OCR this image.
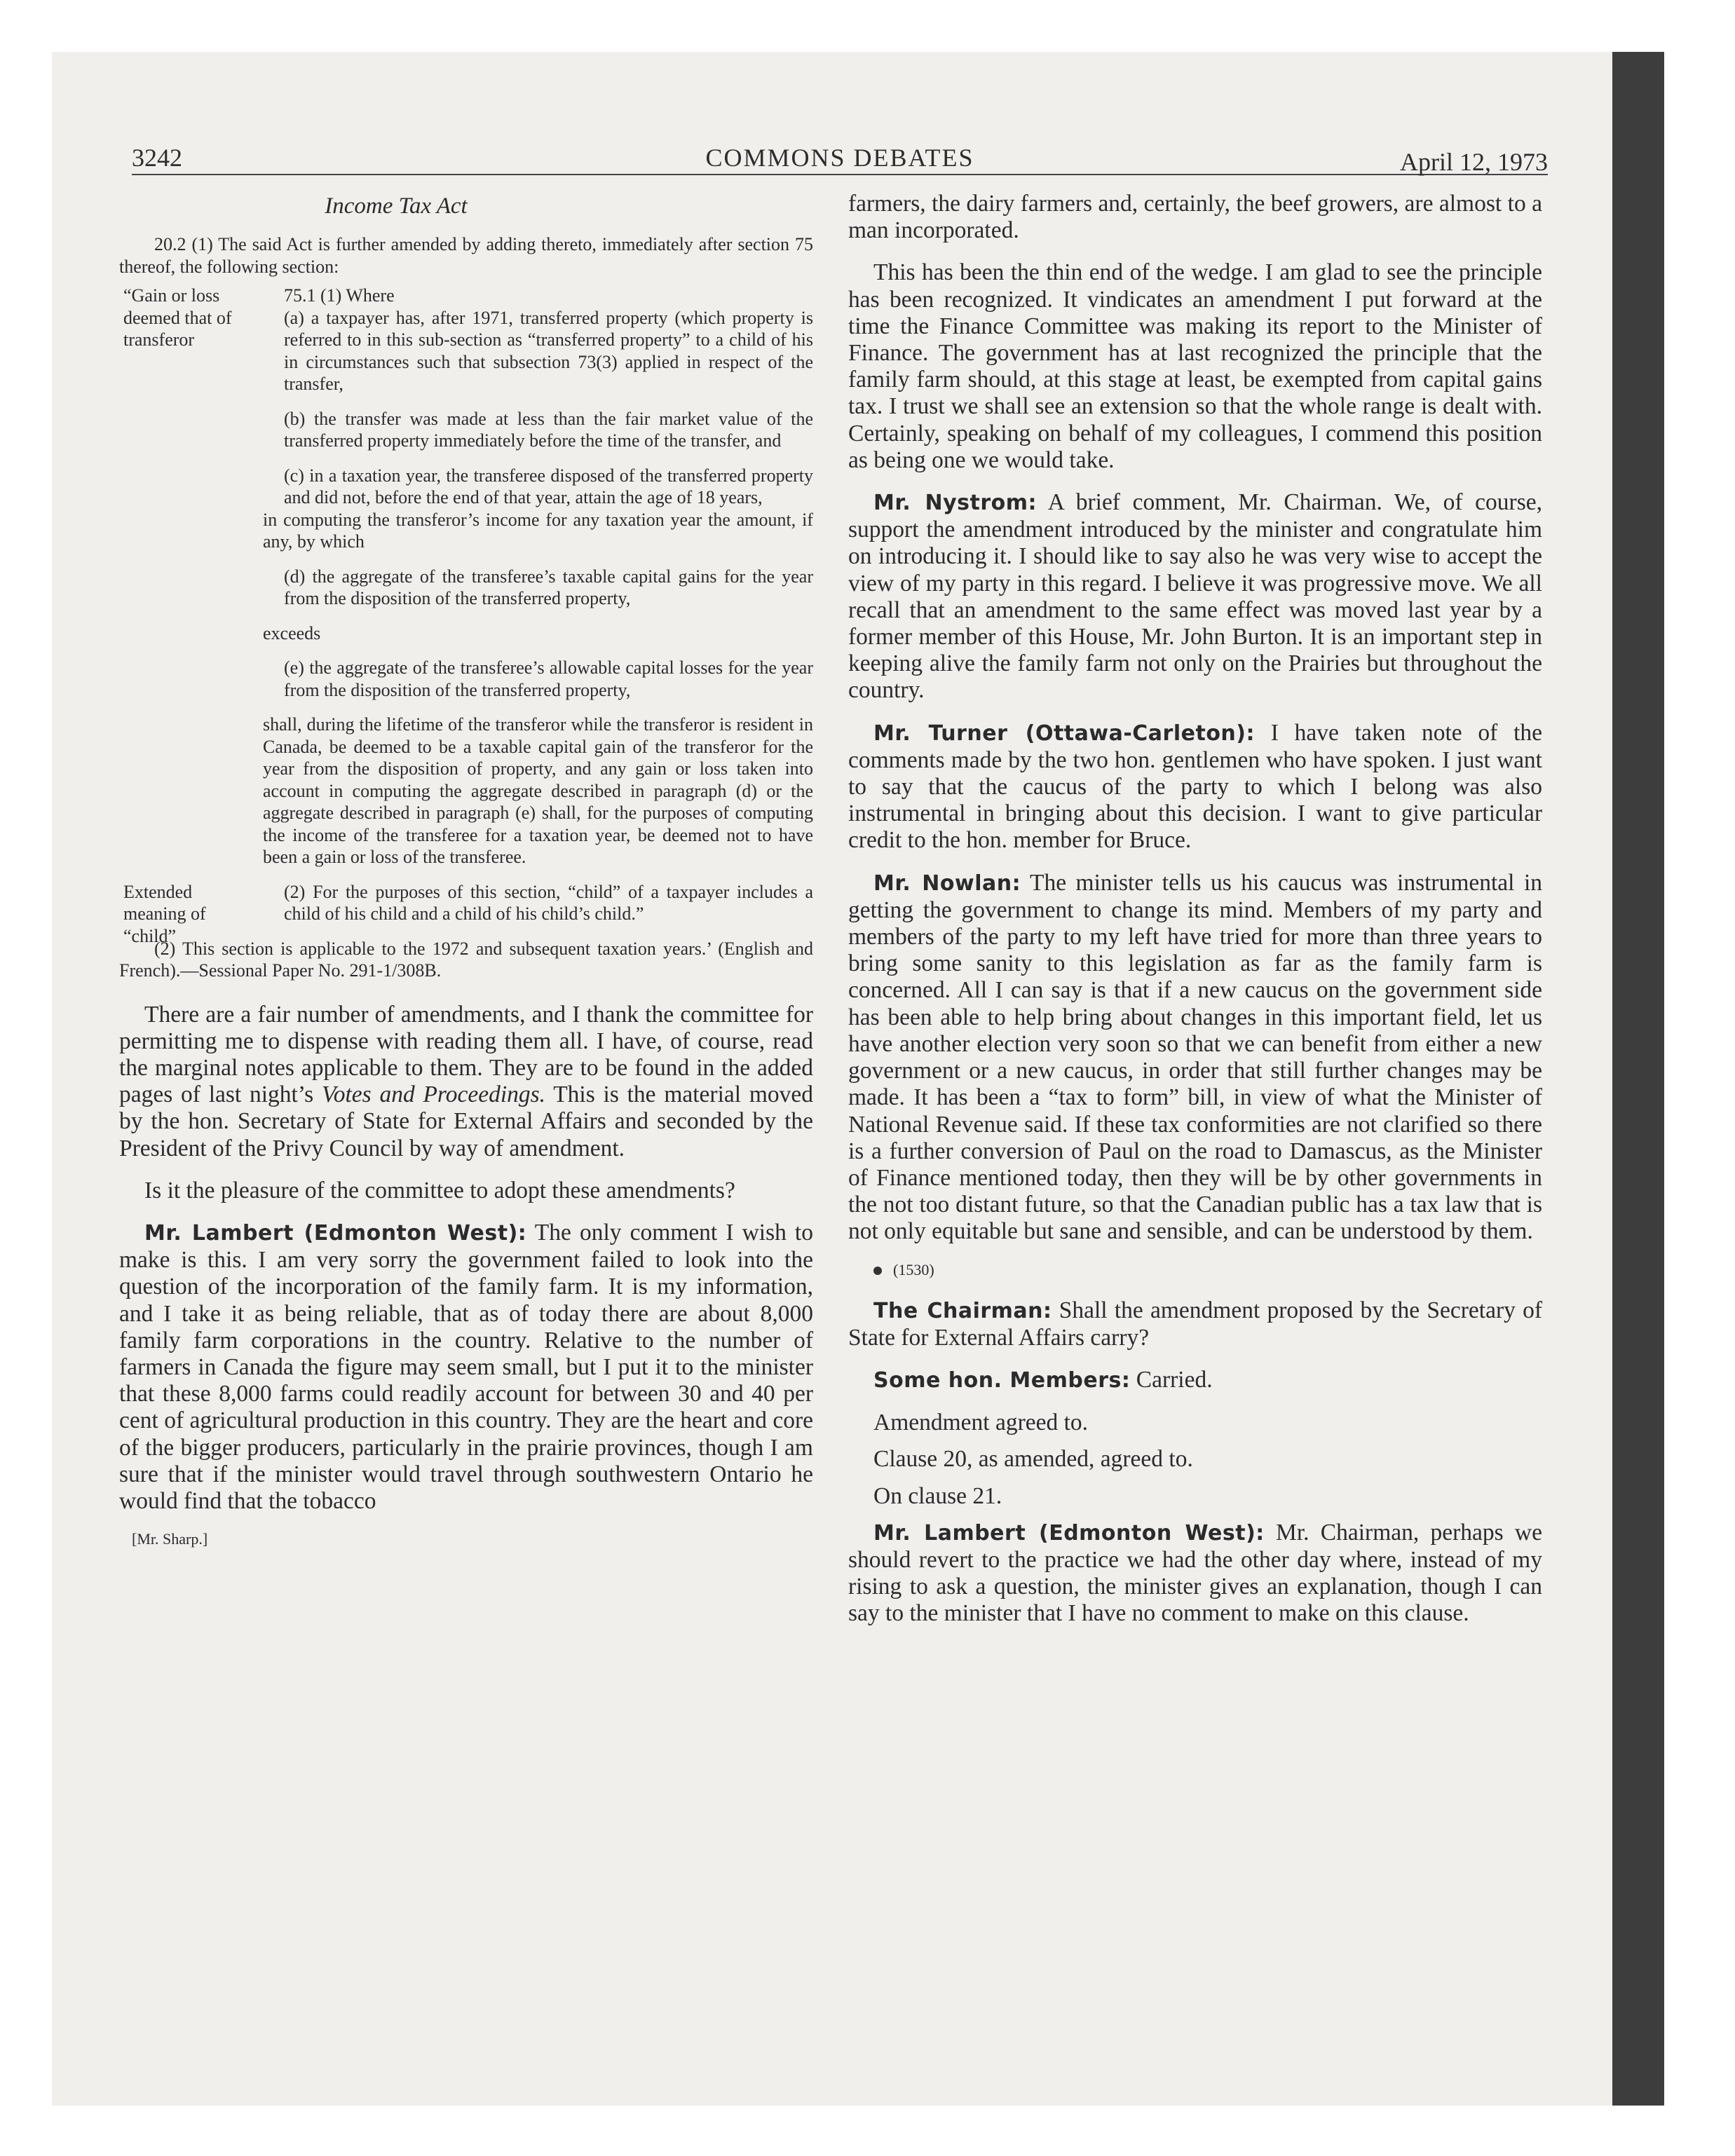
3242	COMMONS DEBATES	April 12, 1973
Income Tax Act

20.2 (1) The said Act is further amended by adding thereto, immediately after section 75 thereof, the following section:

“Gain or loss deemed that of transferor

75.1 (1) Where

(a) a taxpayer has, after 1971, transferred property (which property is referred to in this sub-section as “transferred property” to a child of his in circumstances such that subsection 73(3) applied in respect of the transfer,

(b) the transfer was made at less than the fair market value of the transferred property immediately before the time of the transfer, and

(c) in a taxation year, the transferee disposed of the transferred property and did not, before the end of that year, attain the age of 18 years,

in computing the transferor’s income for any taxation year the amount, if any, by which

(d) the aggregate of the transferee’s taxable capital gains for the year from the disposition of the transferred property,

exceeds

(e) the aggregate of the transferee’s allowable capital losses for the year from the disposition of the transferred property,

shall, during the lifetime of the transferor while the transferor is resident in Canada, be deemed to be a taxable capital gain of the transferor for the year from the disposition of property, and any gain or loss taken into account in computing the aggregate described in paragraph (d) or the aggregate described in paragraph (e) shall, for the purposes of computing the income of the transferee for a taxation year, be deemed not to have been a gain or loss of the transferee.

Extended meaning of “child”

(2) For the purposes of this section, “child” of a taxpayer includes a child of his child and a child of his child’s child.”

(2) This section is applicable to the 1972 and subsequent taxation years.’ (English and French).—Sessional Paper No. 291-1/308B.

There are a fair number of amendments, and I thank the committee for permitting me to dispense with reading them all. I have, of course, read the marginal notes applicable to them. They are to be found in the added pages of last night’s Votes and Proceedings. This is the material moved by the hon. Secretary of State for External Affairs and seconded by the President of the Privy Council by way of amendment.

Is it the pleasure of the committee to adopt these amendments?

Mr. Lambert (Edmonton West): The only comment I wish to make is this. I am very sorry the government failed to look into the question of the incorporation of the family farm. It is my information, and I take it as being reliable, that as of today there are about 8,000 family farm corporations in the country. Relative to the number of farmers in Canada the figure may seem small, but I put it to the minister that these 8,000 farms could readily account for between 30 and 40 per cent of agricultural production in this country. They are the heart and core of the bigger producers, particularly in the prairie provinces, though I am sure that if the minister would travel through southwestern Ontario he would find that the tobacco

[Mr. Sharp.]

farmers, the dairy farmers and, certainly, the beef growers, are almost to a man incorporated.

This has been the thin end of the wedge. I am glad to see the principle has been recognized. It vindicates an amendment I put forward at the time the Finance Committee was making its report to the Minister of Finance. The government has at last recognized the principle that the family farm should, at this stage at least, be exempted from capital gains tax. I trust we shall see an extension so that the whole range is dealt with. Certainly, speaking on behalf of my colleagues, I commend this position as being one we would take.

Mr. Nystrom: A brief comment, Mr. Chairman. We, of course, support the amendment introduced by the minister and congratulate him on introducing it. I should like to say also he was very wise to accept the view of my party in this regard. I believe it was progressive move. We all recall that an amendment to the same effect was moved last year by a former member of this House, Mr. John Burton. It is an important step in keeping alive the family farm not only on the Prairies but throughout the country.

Mr. Turner (Ottawa-Carleton): I have taken note of the comments made by the two hon. gentlemen who have spoken. I just want to say that the caucus of the party to which I belong was also instrumental in bringing about this decision. I want to give particular credit to the hon. member for Bruce.

Mr. Nowlan: The minister tells us his caucus was instrumental in getting the government to change its mind. Members of my party and members of the party to my left have tried for more than three years to bring some sanity to this legislation as far as the family farm is concerned. All I can say is that if a new caucus on the government side has been able to help bring about changes in this important field, let us have another election very soon so that we can benefit from either a new government or a new caucus, in order that still further changes may be made. It has been a “tax to form” bill, in view of what the Minister of National Revenue said. If these tax conformities are not clarified so there is a further conversion of Paul on the road to Damascus, as the Minister of Finance mentioned today, then they will be by other governments in the not too distant future, so that the Canadian public has a tax law that is not only equitable but sane and sensible, and can be understood by them.

(1530)

The Chairman: Shall the amendment proposed by the Secretary of State for External Affairs carry?

Some hon. Members: Carried.

Amendment agreed to.

Clause 20, as amended, agreed to.

On clause 21.

Mr. Lambert (Edmonton West): Mr. Chairman, perhaps we should revert to the practice we had the other day where, instead of my rising to ask a question, the minister gives an explanation, though I can say to the minister that I have no comment to make on this clause.
